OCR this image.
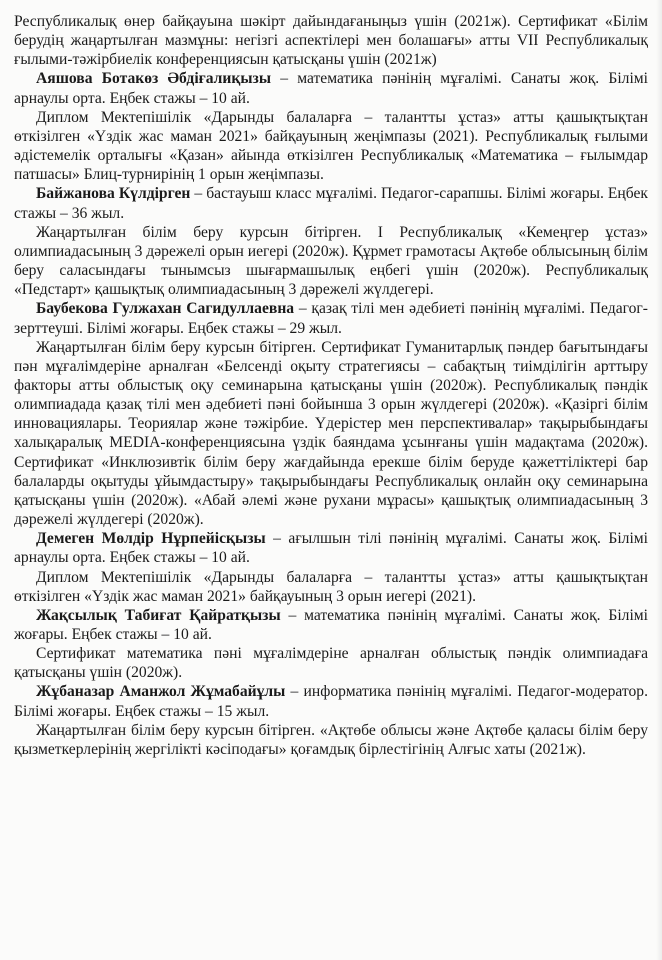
Республикалық өнер байқауына шәкірт дайындағаныңыз үшін (2021ж). Сертификат «Білім берудің жаңартылған мазмұны: негізгі аспектілері мен болашағы» атты VII Республикалық ғылыми-тәжірбиелік конференциясын қатысқаны үшін (2021ж)

Аяшова Ботакөз Әбдіғалиқызы – математика пәнінің мұғалімі. Санаты жоқ. Білімі арнаулы орта. Еңбек стажы – 10 ай.

Диплом Мектепішілік «Дарынды балаларға – талантты ұстаз» атты қашықтықтан өткізілген «Үздік жас маман 2021» байқауының жеңімпазы (2021). Республикалық ғылыми әдістемелік орталығы «Қазан» айында өткізілген Республикалық «Математика – ғылымдар патшасы» Блиц-турнирінің 1 орын жеңімпазы.

Байжанова Күлдірген – бастауыш класс мұғалімі. Педагог-сарапшы. Білімі жоғары. Еңбек стажы – 36 жыл.

Жаңартылған білім беру курсын бітірген. I Республикалық «Кемеңгер ұстаз» олимпиадасының 3 дәрежелі орын иегері (2020ж). Құрмет грамотасы Ақтөбе облысының білім беру саласындағы тынымсыз шығармашылық еңбегі үшін (2020ж). Республикалық «Педстарт» қашықтық олимпиадасының 3 дәрежелі жүлдегері.

Баубекова Гулжахан Сагидуллаевна – қазақ тілі мен әдебиеті пәнінің мұғалімі. Педагог-зерттеуші. Білімі жоғары. Еңбек стажы – 29 жыл.

Жаңартылған білім беру курсын бітірген. Сертификат Гуманитарлық пәндер бағытындағы пән мұғалімдеріне арналған «Белсенді оқыту стратегиясы – сабақтың тиімділігін арттыру факторы атты облыстық оқу семинарына қатысқаны үшін (2020ж). Республикалық пәндік олимпиадада қазақ тілі мен әдебиеті пәні бойынша 3 орын жүлдегері (2020ж). «Қазіргі білім инновациялары. Теориялар және тәжірбие. Үдерістер мен перспективалар» тақырыбындағы халықаралық MEDIA-конференциясына үздік баяндама ұсынғаны үшін мадақтама (2020ж). Сертификат «Инклюзивтік білім беру жағдайында ерекше білім беруде қажеттіліктері бар балаларды оқытуды ұйымдастыру» тақырыбындағы Республикалық онлайн оқу семинарына қатысқаны үшін (2020ж). «Абай әлемі және рухани мұрасы» қашықтық олимпиадасының 3 дәрежелі жүлдегері (2020ж).

Демеген Мөлдір Нұрпейісқызы – ағылшын тілі пәнінің мұғалімі. Санаты жоқ. Білімі арнаулы орта. Еңбек стажы – 10 ай.

Диплом Мектепішілік «Дарынды балаларға – талантты ұстаз» атты қашықтықтан өткізілген «Үздік жас маман 2021» байқауының 3 орын иегері (2021).

Жақсылық Табиғат Қайратқызы – математика пәнінің мұғалімі. Санаты жоқ. Білімі жоғары. Еңбек стажы – 10 ай.

Сертификат математика пәні мұғалімдеріне арналған облыстық пәндік олимпиадаға қатысқаны үшін (2020ж).

Жұбаназар Аманжол Жұмабайұлы – информатика пәнінің мұғалімі. Педагог-модератор. Білімі жоғары. Еңбек стажы – 15 жыл.

Жаңартылған білім беру курсын бітірген. «Ақтөбе облысы және Ақтөбе қаласы білім беру қызметкерлерінің жергілікті кәсіподағы» қоғамдық бірлестігінің Алғыс хаты (2021ж).
